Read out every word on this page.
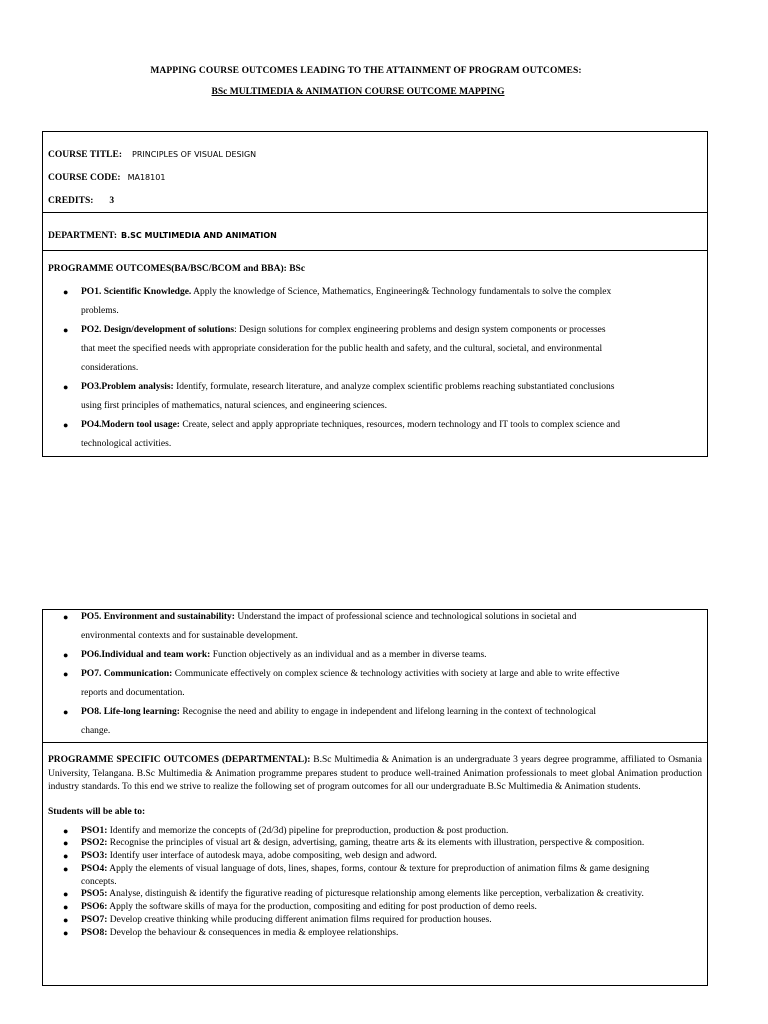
MAPPING COURSE OUTCOMES LEADING TO THE ATTAINMENT OF PROGRAM OUTCOMES:
BSc MULTIMEDIA & ANIMATION COURSE OUTCOME MAPPING
COURSE TITLE: PRINCIPLES OF VISUAL DESIGN
COURSE CODE: MA18101
CREDITS: 3
DEPARTMENT: B.SC MULTIMEDIA AND ANIMATION
PROGRAMME OUTCOMES(BA/BSC/BCOM and BBA): BSc
● PO1. Scientific Knowledge. Apply the knowledge of Science, Mathematics, Engineering& Technology fundamentals to solve the complex
problems.
● PO2. Design/development of solutions: Design solutions for complex engineering problems and design system components or processes
that meet the specified needs with appropriate consideration for the public health and safety, and the cultural, societal, and environmental
considerations.
● PO3.Problem analysis: Identify, formulate, research literature, and analyze complex scientific problems reaching substantiated conclusions
using first principles of mathematics, natural sciences, and engineering sciences.
● PO4.Modern tool usage: Create, select and apply appropriate techniques, resources, modern technology and IT tools to complex science and
technological activities.
● PO5. Environment and sustainability: Understand the impact of professional science and technological solutions in societal and
environmental contexts and for sustainable development.
● PO6.Individual and team work: Function objectively as an individual and as a member in diverse teams.
● PO7. Communication: Communicate effectively on complex science & technology activities with society at large and able to write effective
reports and documentation.
● PO8. Life-long learning: Recognise the need and ability to engage in independent and lifelong learning in the context of technological
change.
PROGRAMME SPECIFIC OUTCOMES (DEPARTMENTAL): B.Sc Multimedia & Animation is an undergraduate 3 years degree programme, affiliated to Osmania University, Telangana. B.Sc Multimedia & Animation programme prepares student to produce well-trained Animation professionals to meet global Animation production industry standards. To this end we strive to realize the following set of program outcomes for all our undergraduate B.Sc Multimedia & Animation students.
Students will be able to:
● PSO1: Identify and memorize the concepts of (2d/3d) pipeline for preproduction, production & post production.
● PSO2: Recognise the principles of visual art & design, advertising, gaming, theatre arts & its elements with illustration, perspective & composition.
● PSO3: Identify user interface of autodesk maya, adobe compositing, web design and adword.
● PSO4: Apply the elements of visual language of dots, lines, shapes, forms, contour & texture for preproduction of animation films & game designing concepts.
● PSO5: Analyse, distinguish & identify the figurative reading of picturesque relationship among elements like perception, verbalization & creativity.
● PSO6: Apply the software skills of maya for the production, compositing and editing for post production of demo reels.
● PSO7: Develop creative thinking while producing different animation films required for production houses.
● PSO8: Develop the behaviour & consequences in media & employee relationships.
